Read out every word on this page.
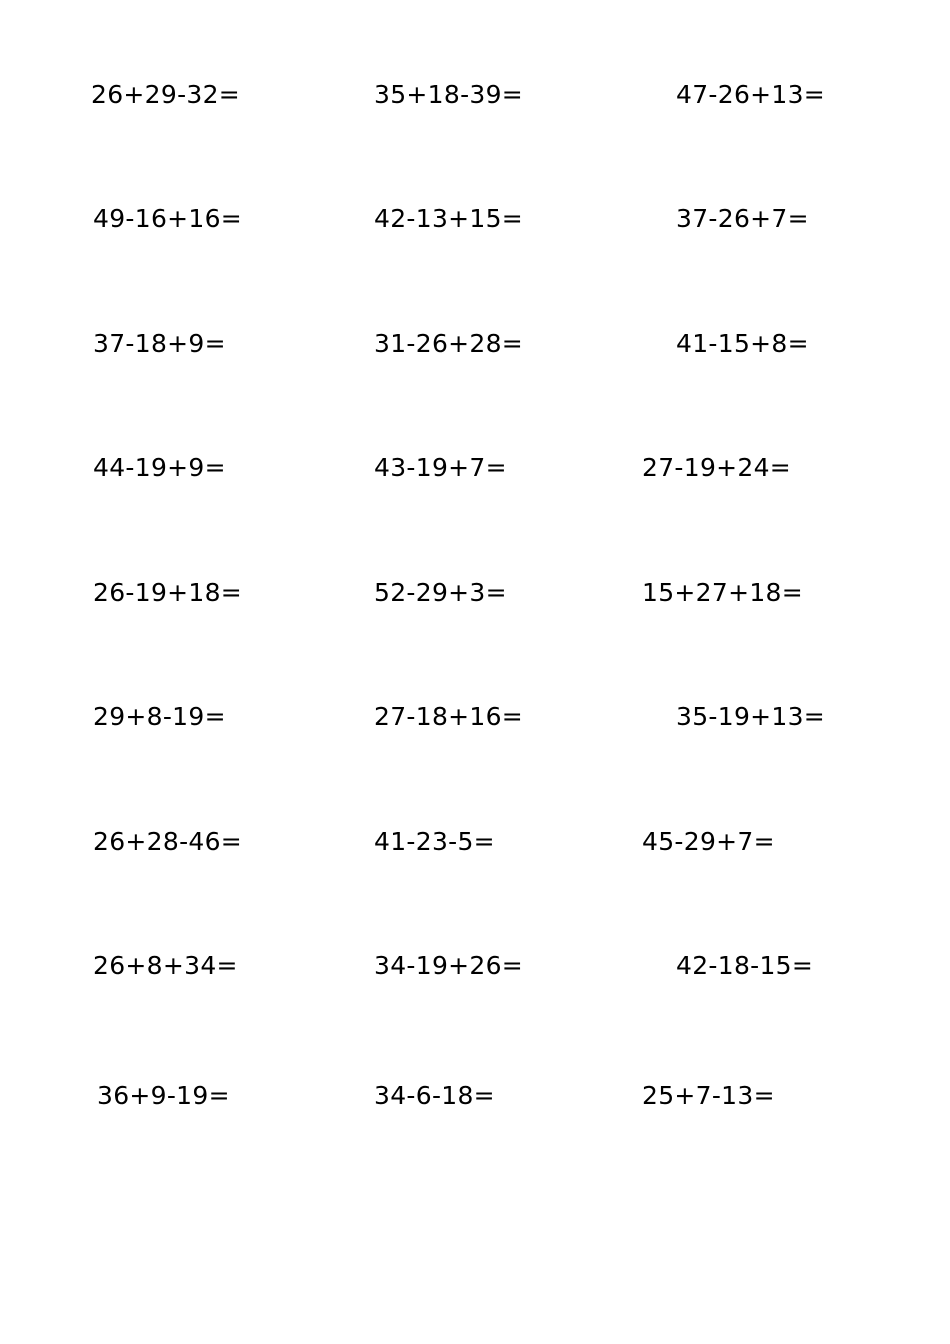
26+29-32=	35+18-39=	47-26+13=
49-16+16=	42-13+15=	37-26+7=
37-18+9=	31-26+28=	41-15+8=
44-19+9=	43-19+7=	27-19+24=
26-19+18=	52-29+3=	15+27+18=
29+8-19=	27-18+16=	35-19+13=
26+28-46=	41-23-5=	45-29+7=
26+8+34=	34-19+26=	42-18-15=
36+9-19=	34-6-18=	25+7-13=
